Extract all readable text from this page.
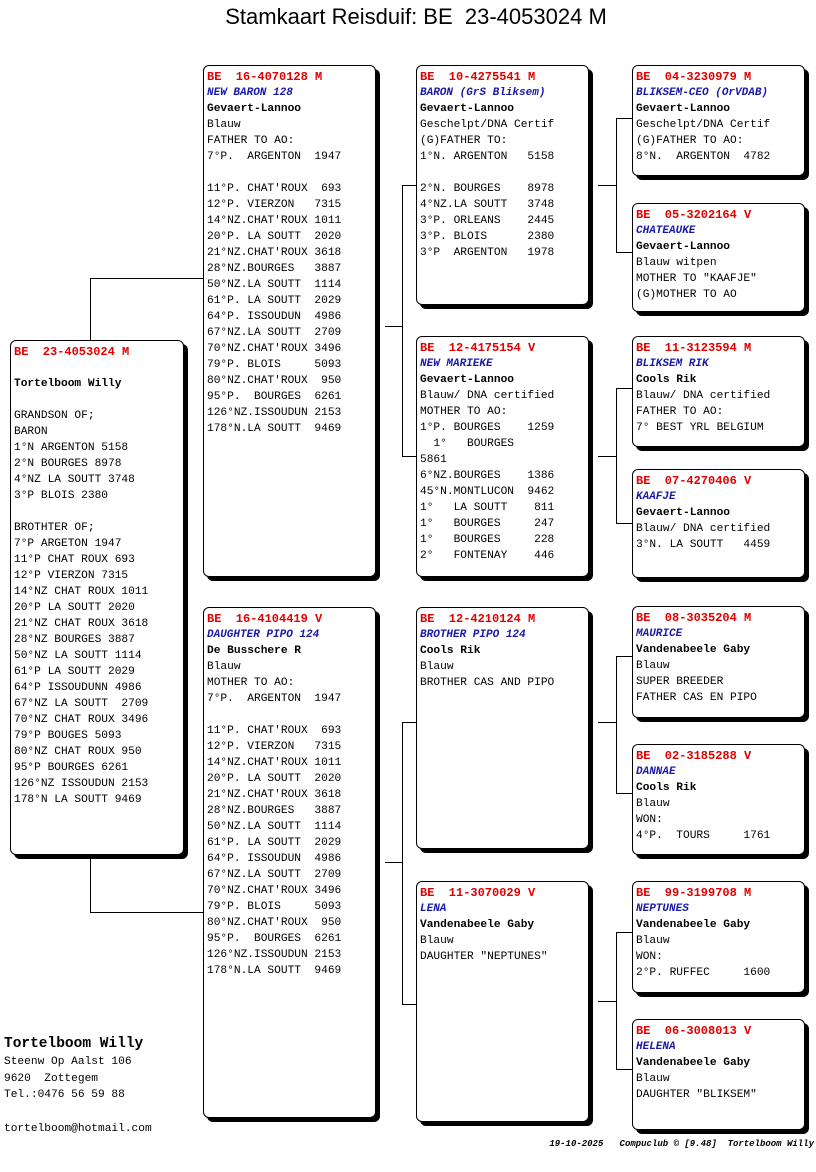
Stamkaart Reisduif: BE  23-4053024 M
BE  23-4053024 M
Tortelboom Willy
GRANDSON OF;
BARON
1°N ARGENTON 5158
2°N BOURGES 8978
4°NZ LA SOUTT 3748
3°P BLOIS 2380
BROTHTER OF;
7°P ARGETON 1947
11°P CHAT ROUX 693
12°P VIERZON 7315
14°NZ CHAT ROUX 1011
20°P LA SOUTT 2020
21°NZ CHAT ROUX 3618
28°NZ BOURGES 3887
50°NZ LA SOUTT 1114
61°P LA SOUTT 2029
64°P ISSOUDUNN 4986
67°NZ LA SOUTT  2709
70°NZ CHAT ROUX 3496
79°P BOUGES 5093
80°NZ CHAT ROUX 950
95°P BOURGES 6261
126°NZ ISSOUDUN 2153
178°N LA SOUTT 9469
BE  16-4070128 M
NEW BARON 128
Gevaert-Lannoo
Blauw
FATHER TO AO:
7°P.  ARGENTON  1947
11°P. CHAT'ROUX  693
12°P. VIERZON   7315
14°NZ.CHAT'ROUX 1011
20°P. LA SOUTT  2020
21°NZ.CHAT'ROUX 3618
28°NZ.BOURGES   3887
50°NZ.LA SOUTT  1114
61°P. LA SOUTT  2029
64°P. ISSOUDUN  4986
67°NZ.LA SOUTT  2709
70°NZ.CHAT'ROUX 3496
79°P. BLOIS     5093
80°NZ.CHAT'ROUX  950
95°P.  BOURGES  6261
126°NZ.ISSOUDUN 2153
178°N.LA SOUTT  9469
BE  16-4104419 V
DAUGHTER PIPO 124
De Busschere R
Blauw
MOTHER TO AO:
7°P.  ARGENTON  1947
11°P. CHAT'ROUX  693
12°P. VIERZON   7315
14°NZ.CHAT'ROUX 1011
20°P. LA SOUTT  2020
21°NZ.CHAT'ROUX 3618
28°NZ.BOURGES   3887
50°NZ.LA SOUTT  1114
61°P. LA SOUTT  2029
64°P. ISSOUDUN  4986
67°NZ.LA SOUTT  2709
70°NZ.CHAT'ROUX 3496
79°P. BLOIS     5093
80°NZ.CHAT'ROUX  950
95°P.  BOURGES  6261
126°NZ.ISSOUDUN 2153
178°N.LA SOUTT  9469
BE  10-4275541 M
BARON (GrS Bliksem)
Gevaert-Lannoo
Geschelpt/DNA Certif
(G)FATHER TO:
1°N. ARGENTON   5158
2°N. BOURGES    8978
4°NZ.LA SOUTT   3748
3°P. ORLEANS    2445
3°P. BLOIS      2380
3°P  ARGENTON   1978
BE  12-4175154 V
NEW MARIEKE
Gevaert-Lannoo
Blauw/ DNA certified
MOTHER TO AO:
1°P. BOURGES    1259
1°   BOURGES
5861
6°NZ.BOURGES    1386
45°N.MONTLUCON  9462
1°   LA SOUTT    811
1°   BOURGES     247
1°   BOURGES     228
2°   FONTENAY    446
BE  12-4210124 M
BROTHER PIPO 124
Cools Rik
Blauw
BROTHER CAS AND PIPO
BE  11-3070029 V
LENA
Vandenabeele Gaby
Blauw
DAUGHTER "NEPTUNES"
BE  04-3230979 M
BLIKSEM-CEO (OrVDAB)
Gevaert-Lannoo
Geschelpt/DNA Certif
(G)FATHER TO AO:
8°N.  ARGENTON  4782
BE  05-3202164 V
CHATEAUKE
Gevaert-Lannoo
Blauw witpen
MOTHER TO "KAAFJE"
(G)MOTHER TO AO
BE  11-3123594 M
BLIKSEM RIK
Cools Rik
Blauw/ DNA certified
FATHER TO AO:
7° BEST YRL BELGIUM
BE  07-4270406 V
KAAFJE
Gevaert-Lannoo
Blauw/ DNA certified
3°N. LA SOUTT   4459
BE  08-3035204 M
MAURICE
Vandenabeele Gaby
Blauw
SUPER BREEDER
FATHER CAS EN PIPO
BE  02-3185288 V
DANNAE
Cools Rik
Blauw
WON:
4°P.  TOURS     1761
BE  99-3199708 M
NEPTUNES
Vandenabeele Gaby
Blauw
WON:
2°P. RUFFEC     1600
BE  06-3008013 V
HELENA
Vandenabeele Gaby
Blauw
DAUGHTER "BLIKSEM"
Tortelboom Willy
Steenw Op Aalst 106
9620  Zottegem
Tel.:0476 56 59 88
tortelboom@hotmail.com
19-10-2025   Compuclub © [9.48]  Tortelboom Willy
